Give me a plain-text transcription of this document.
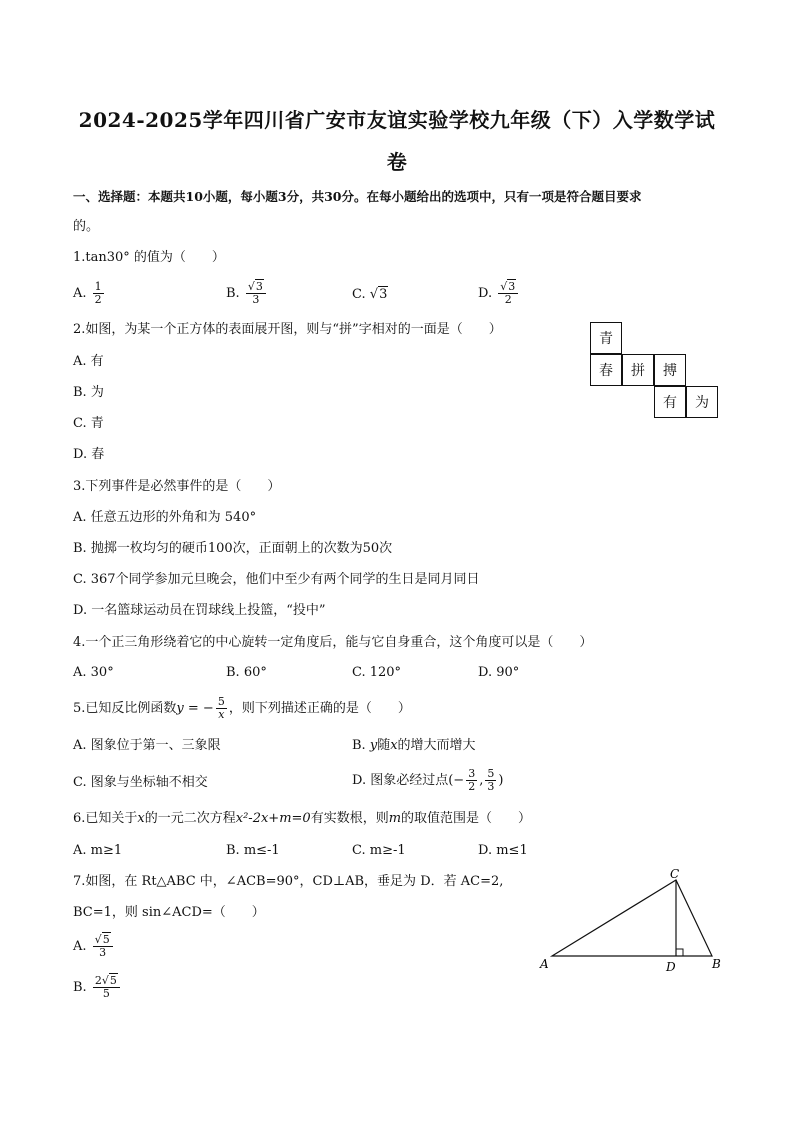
2024-2025学年四川省广安市友谊实验学校九年级（下）入学数学试
卷
一、选择题：本题共10小题，每小题3分，共30分。在每小题给出的选项中，只有一项是符合题目要求
的。
1.tan30° 的值为（　　）
A. $\frac{1}{2}$	B. $\frac{√3}{3}$	C. √3	D. $\frac{√3}{2}$
2.如图，为某一个正方体的表面展开图，则与“拼”字相对的一面是（　　）
A. 有
B. 为
C. 青
D. 春
青
春	拼	搏
有	为
3.下列事件是必然事件的是（　　）
A. 任意五边形的外角和为 540°
B. 抛掷一枚均匀的硬币100次，正面朝上的次数为50次
C. 367个同学参加元旦晚会，他们中至少有两个同学的生日是同月同日
D. 一名篮球运动员在罚球线上投篮，“投中”
4.一个正三角形绕着它的中心旋转一定角度后，能与它自身重合，这个角度可以是（　　）
A. 30°	B. 60°	C. 120°	D. 90°
5.已知反比例函数y = − $\frac{5}{x}$ ，则下列描述正确的是（　　）
A. 图象位于第一、三象限	B. y随x的增大而增大
C. 图象与坐标轴不相交	D. 图象必经过点(− $\frac{3}{2}$ , $\frac{5}{3}$ )
6.已知关于x的一元二次方程x²-2x+m=0有实数根，则m的取值范围是（　　）
A. m≥1	B. m≤-1	C. m≥-1	D. m≤1
7.如图，在 Rt△ABC 中，∠ACB=90°，CD⊥AB，垂足为 D．若 AC=2,
BC=1，则 sin∠ACD=（　　）
A. $\frac{√5}{3}$
B. $\frac{2√5}{5}$
A
C
D	B
